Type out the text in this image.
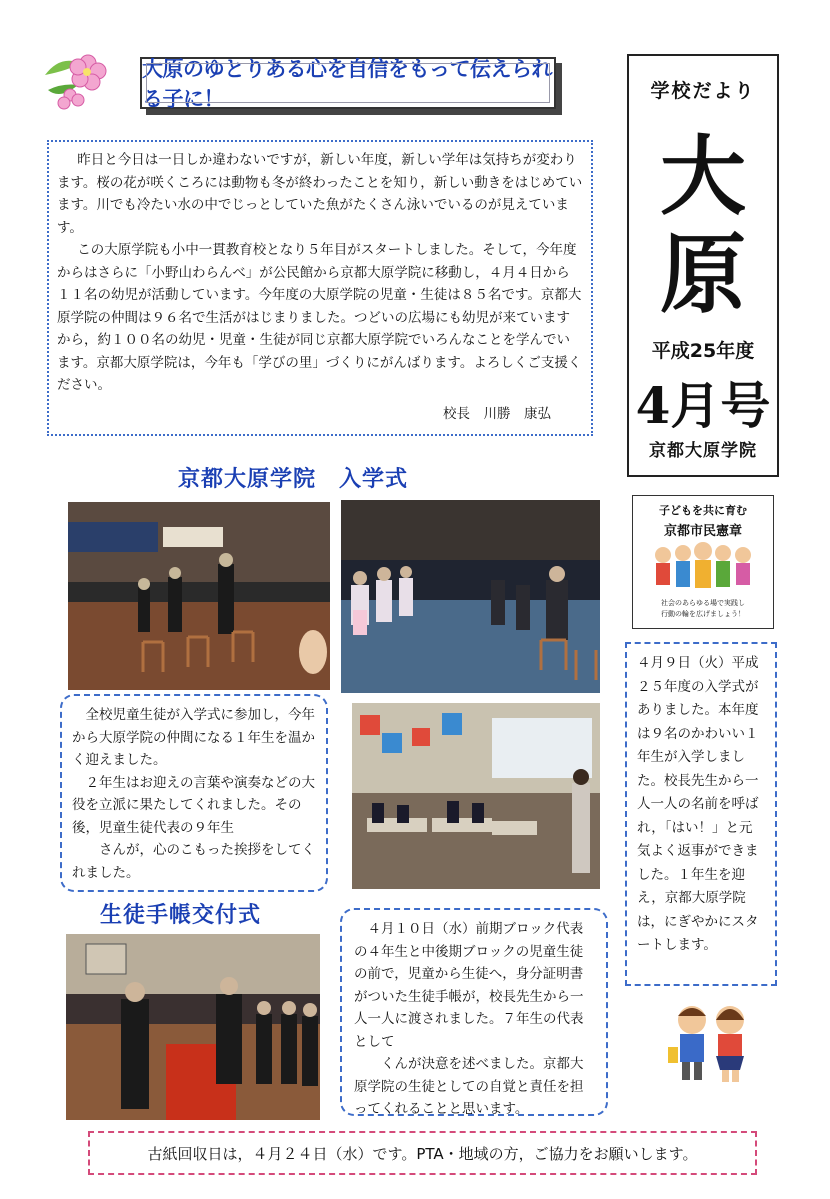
大原のゆとりある心を自信をもって伝えられる子に！	学校だより
大
原
平成25年度
4月号
京都大原学院

昨日と今日は一日しか違わないですが，新しい年度，新しい学年は気持ちが変わります。桜の花が咲くころには動物も冬が終わったことを知り，新しい動きをはじめています。川でも冷たい水の中でじっとしていた魚がたくさん泳いでいるのが見えています。

この大原学院も小中一貫教育校となり５年目がスタートしました。そして，今年度からはさらに「小野山わらんべ」が公民館から京都大原学院に移動し，４月４日から１１名の幼児が活動しています。今年度の大原学院の児童・生徒は８５名です。京都大原学院の仲間は９６名で生活がはじまりました。つどいの広場にも幼児が来ていますから，約１００名の幼児・児童・生徒が同じ京都大原学院でいろんなことを学んでいます。京都大原学院は，今年も「学びの里」づくりにがんばります。よろしくご支援ください。

校長　川勝　康弘

京都大原学院　入学式

全校児童生徒が入学式に参加し，今年から大原学院の仲間になる１年生を温かく迎えました。

２年生はお迎えの言葉や演奏などの大役を立派に果たしてくれました。その後，児童生徒代表の９年生

さんが，心のこもった挨拶をしてくれました。

子どもを共に育む
京都市民憲章
社会のあらゆる場で実践し
行動の輪を広げましょう！

４月９日（火）平成２５年度の入学式がありました。本年度は９名のかわいい１年生が入学しました。校長先生から一人一人の名前を呼ばれ，「はい！」と元気よく返事ができました。１年生を迎え，京都大原学院は，にぎやかにスタートします。

生徒手帳交付式

４月１０日（水）前期ブロック代表の４年生と中後期ブロックの児童生徒の前で，児童から生徒へ，身分証明書がついた生徒手帳が，校長先生から一人一人に渡されました。７年生の代表として

くんが決意を述べました。京都大原学院の生徒としての自覚と責任を担ってくれることと思います。

古紙回収日は，４月２４日（水）です。PTA・地域の方，ご協力をお願いします。
